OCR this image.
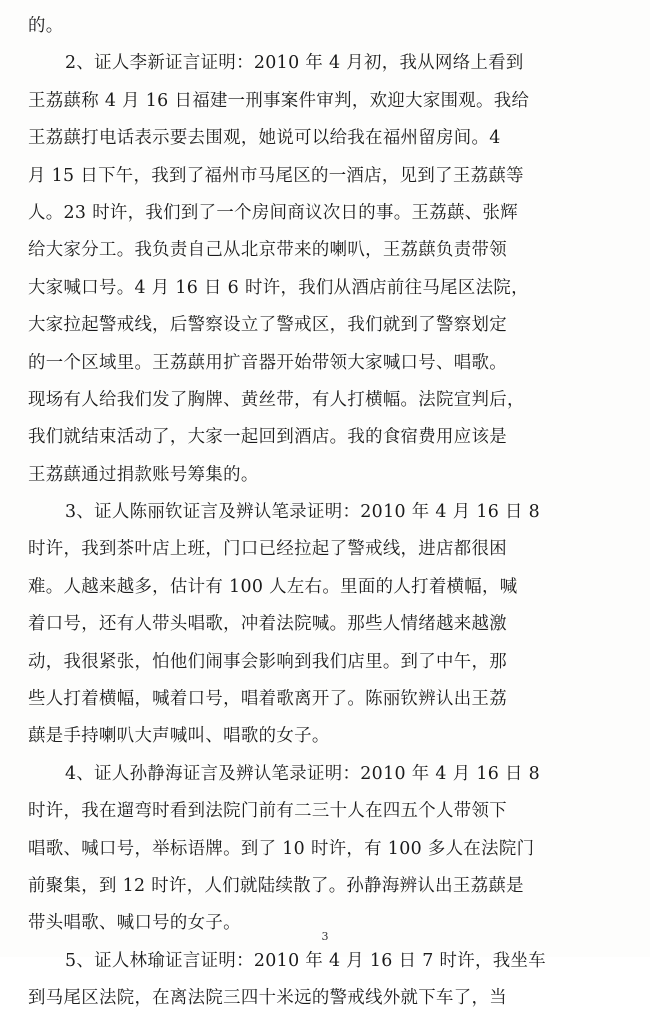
的。
2、证人李新证言证明：2010 年 4 月初，我从网络上看到
王荔蕻称 4 月 16 日福建一刑事案件审判，欢迎大家围观。我给
王荔蕻打电话表示要去围观，她说可以给我在福州留房间。4
月 15 日下午，我到了福州市马尾区的一酒店，见到了王荔蕻等
人。23 时许，我们到了一个房间商议次日的事。王荔蕻、张辉
给大家分工。我负责自己从北京带来的喇叭，王荔蕻负责带领
大家喊口号。4 月 16 日 6 时许，我们从酒店前往马尾区法院，
大家拉起警戒线，后警察设立了警戒区，我们就到了警察划定
的一个区域里。王荔蕻用扩音器开始带领大家喊口号、唱歌。
现场有人给我们发了胸牌、黄丝带，有人打横幅。法院宣判后，
我们就结束活动了，大家一起回到酒店。我的食宿费用应该是
王荔蕻通过捐款账号筹集的。
3、证人陈丽钦证言及辨认笔录证明：2010 年 4 月 16 日 8
时许，我到茶叶店上班，门口已经拉起了警戒线，进店都很困
难。人越来越多，估计有 100 人左右。里面的人打着横幅，喊
着口号，还有人带头唱歌，冲着法院喊。那些人情绪越来越激
动，我很紧张，怕他们闹事会影响到我们店里。到了中午，那
些人打着横幅，喊着口号，唱着歌离开了。陈丽钦辨认出王荔
蕻是手持喇叭大声喊叫、唱歌的女子。
4、证人孙静海证言及辨认笔录证明：2010 年 4 月 16 日 8
时许，我在遛弯时看到法院门前有二三十人在四五个人带领下
唱歌、喊口号，举标语牌。到了 10 时许，有 100 多人在法院门
前聚集，到 12 时许，人们就陆续散了。孙静海辨认出王荔蕻是
带头唱歌、喊口号的女子。
5、证人林瑜证言证明：2010 年 4 月 16 日 7 时许，我坐车
到马尾区法院，在离法院三四十米远的警戒线外就下车了，当
3
